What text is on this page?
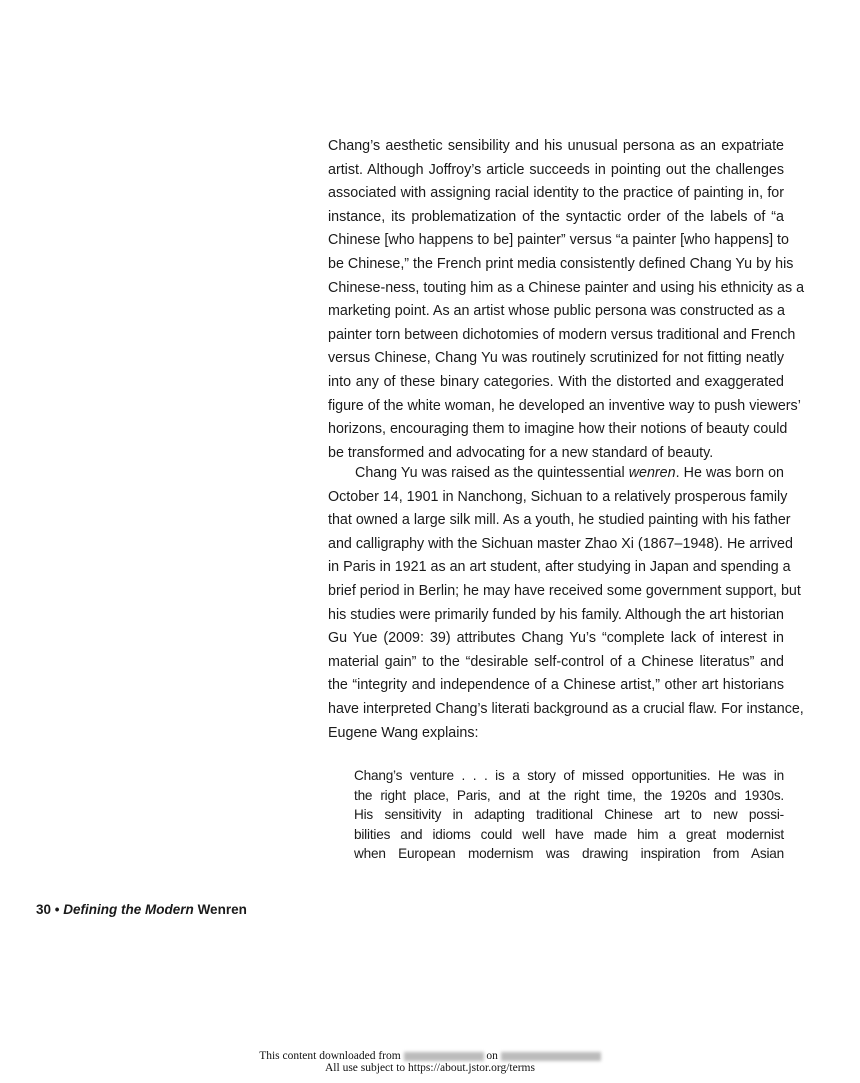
Chang’s aesthetic sensibility and his unusual persona as an expatriate
artist. Although Joffroy’s article succeeds in pointing out the challenges
associated with assigning racial identity to the practice of painting in, for
instance, its problematization of the syntactic order of the labels of “a
Chinese [who happens to be] painter” versus “a painter [who happens] to
be Chinese,” the French print media consistently defined Chang Yu by his
Chinese-ness, touting him as a Chinese painter and using his ethnicity as a
marketing point. As an artist whose public persona was constructed as a
painter torn between dichotomies of modern versus traditional and French
versus Chinese, Chang Yu was routinely scrutinized for not fitting neatly
into any of these binary categories. With the distorted and exaggerated
figure of the white woman, he developed an inventive way to push viewers’
horizons, encouraging them to imagine how their notions of beauty could
be transformed and advocating for a new standard of beauty.
Chang Yu was raised as the quintessential wenren. He was born on
October 14, 1901 in Nanchong, Sichuan to a relatively prosperous family
that owned a large silk mill. As a youth, he studied painting with his father
and calligraphy with the Sichuan master Zhao Xi (1867–1948). He arrived
in Paris in 1921 as an art student, after studying in Japan and spending a
brief period in Berlin; he may have received some government support, but
his studies were primarily funded by his family. Although the art historian
Gu Yue (2009: 39) attributes Chang Yu’s “complete lack of interest in
material gain” to the “desirable self-control of a Chinese literatus” and
the “integrity and independence of a Chinese artist,” other art historians
have interpreted Chang’s literati background as a crucial flaw. For instance,
Eugene Wang explains:
Chang’s venture . . . is a story of missed opportunities. He was in
the right place, Paris, and at the right time, the 1920s and 1930s.
His sensitivity in adapting traditional Chinese art to new possi-
bilities and idioms could well have made him a great modernist
when European modernism was drawing inspiration from Asian
30 • Defining the Modern Wenren
This content downloaded from	on
All use subject to https://about.jstor.org/terms
